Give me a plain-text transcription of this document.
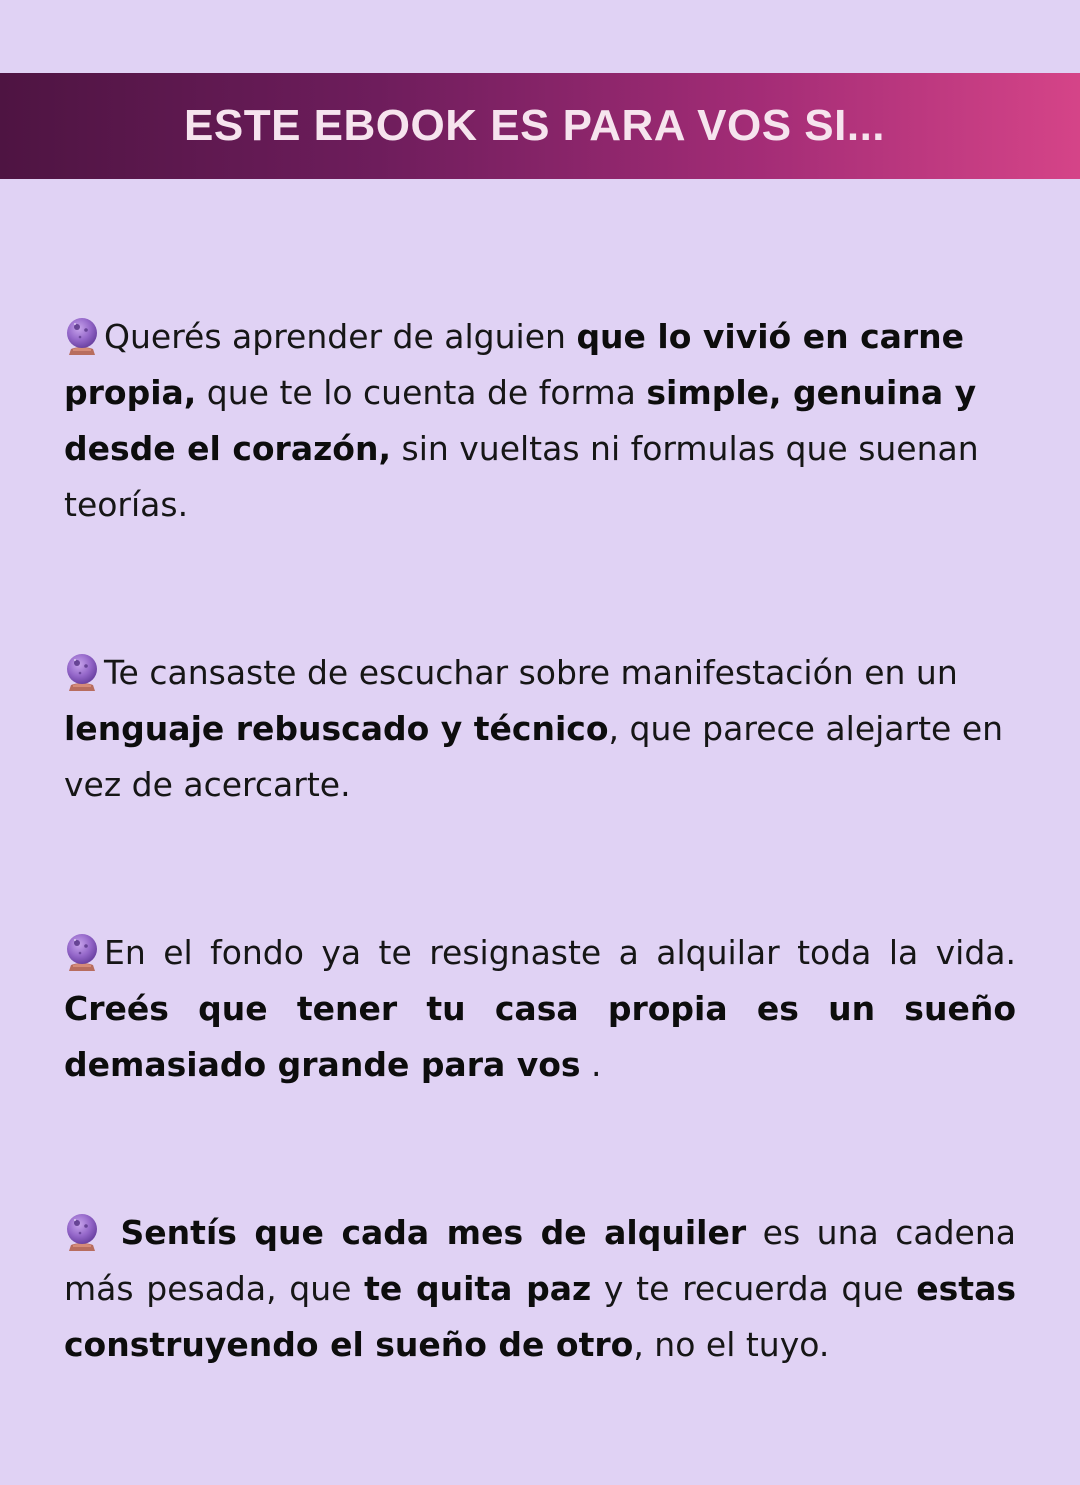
ESTE EBOOK ES PARA VOS SI...

Querés aprender de alguien que lo vivió en carne propia, que te lo cuenta de forma simple, genuina y desde el corazón, sin vueltas ni formulas que suenan teorías.

Te cansaste de escuchar sobre manifestación en un lenguaje rebuscado y técnico, que parece alejarte en vez de acercarte.

En el fondo ya te resignaste a alquilar toda la vida. Creés que tener tu casa propia es un sueño demasiado grande para vos .

Sentís que cada mes de alquiler es una cadena más pesada, que te quita paz y te recuerda que estas construyendo el sueño de otro, no el tuyo.
